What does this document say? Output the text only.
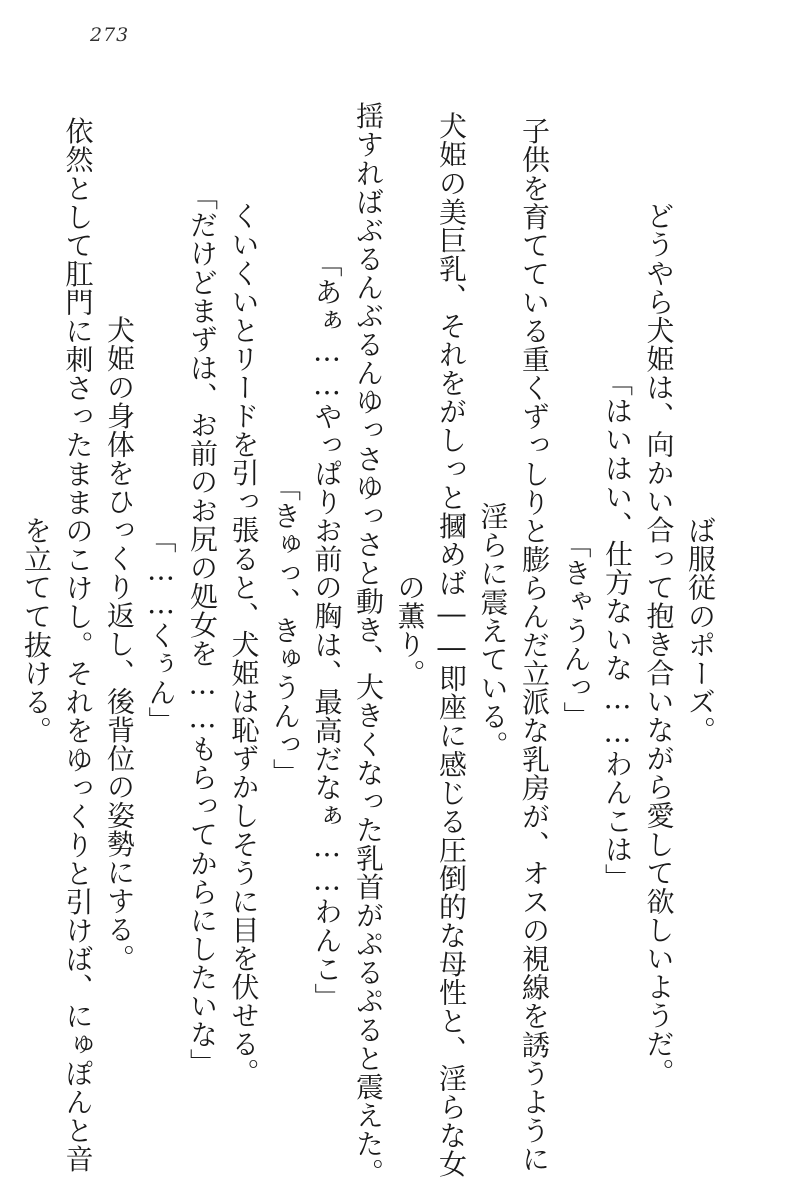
273
ば服従のポーズ。
　どうやら犬姫は、向かい合って抱き合いながら愛して欲しいようだ。
「はいはい、仕方ないな……わんこは」
「きゃうんっ」
　子供を育てている重くずっしりと膨らんだ立派な乳房が、オスの視線を誘うように
淫らに震えている。
　犬姫の美巨乳、それをがしっと摑めば――即座に感じる圧倒的な母性と、淫らな女
の薫り。
　揺すればぶるんぶるんゆっさゆっさと動き、大きくなった乳首がぷるぷると震えた。
「あぁ……やっぱりお前の胸は、最高だなぁ……わんこ」
「きゅっ、きゅうんっ」
　くいくいとリードを引っ張ると、犬姫は恥ずかしそうに目を伏せる。
「だけどまずは、お前のお尻の処女を……もらってからにしたいな」
「……くぅん」
　犬姫の身体をひっくり返し、後背位の姿勢にする。
　依然として肛門に刺さったままのこけし。それをゆっくりと引けば、にゅぽんと音
を立てて抜ける。
